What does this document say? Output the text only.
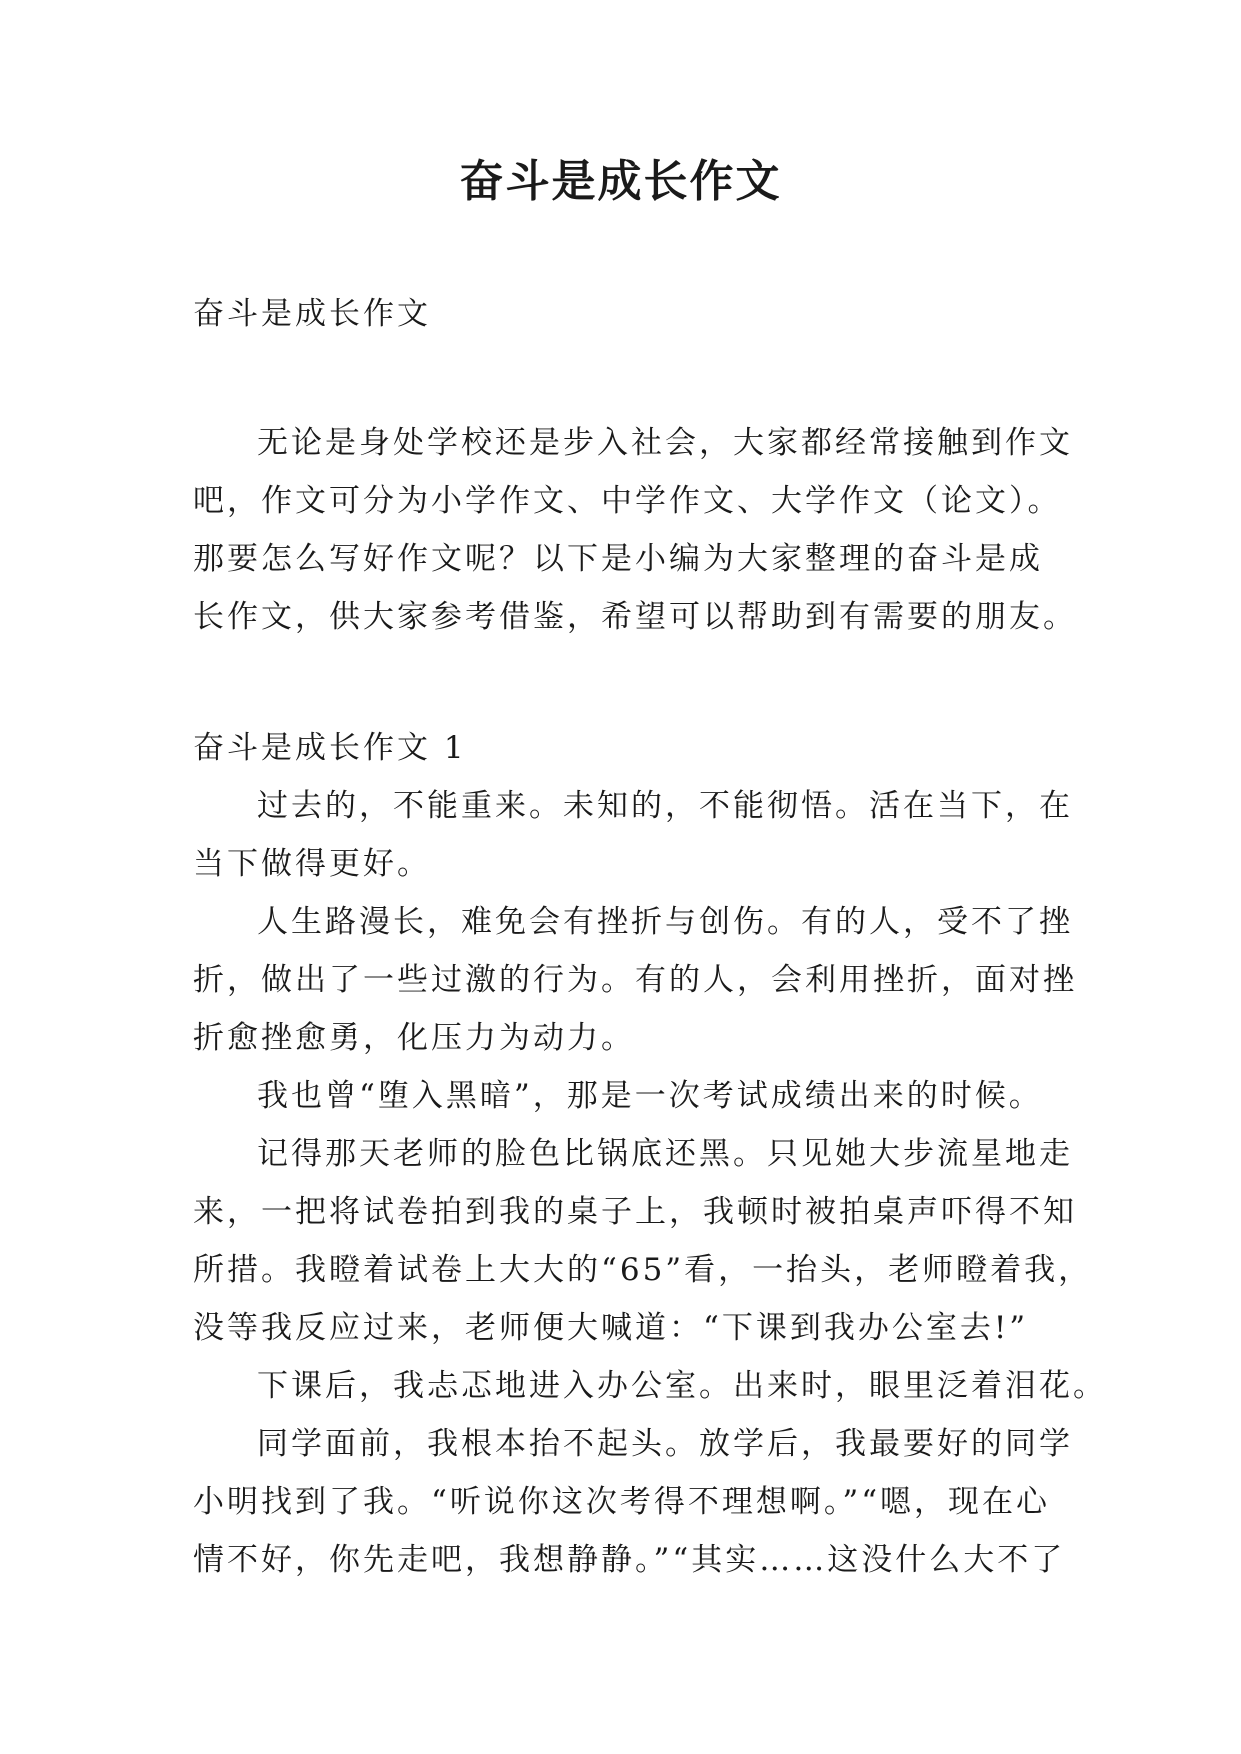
奋斗是成长作文

奋斗是成长作文

无论是身处学校还是步入社会，大家都经常接触到作文

吧，作文可分为小学作文、中学作文、大学作文（论文）。

那要怎么写好作文呢？以下是小编为大家整理的奋斗是成

长作文，供大家参考借鉴，希望可以帮助到有需要的朋友。

奋斗是成长作文 1

过去的，不能重来。未知的，不能彻悟。活在当下，在

当下做得更好。

人生路漫长，难免会有挫折与创伤。有的人，受不了挫

折，做出了一些过激的行为。有的人，会利用挫折，面对挫

折愈挫愈勇，化压力为动力。

我也曾“堕入黑暗”，那是一次考试成绩出来的时候。

记得那天老师的脸色比锅底还黑。只见她大步流星地走

来，一把将试卷拍到我的桌子上，我顿时被拍桌声吓得不知

所措。我瞪着试卷上大大的“65”看，一抬头，老师瞪着我，

没等我反应过来，老师便大喊道：“下课到我办公室去!”

下课后，我忐忑地进入办公室。出来时，眼里泛着泪花。

同学面前，我根本抬不起头。放学后，我最要好的同学

小明找到了我。“听说你这次考得不理想啊。”“嗯，现在心

情不好，你先走吧，我想静静。”“其实……这没什么大不了
